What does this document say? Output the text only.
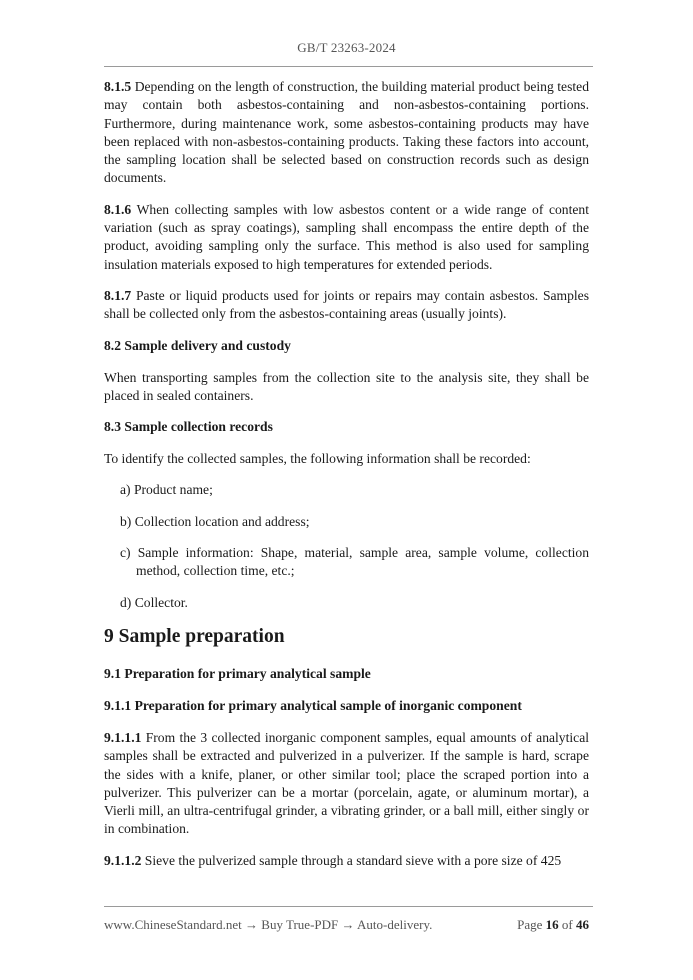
GB/T 23263-2024

8.1.5 Depending on the length of construction, the building material product being tested may contain both asbestos-containing and non-asbestos-containing portions. Furthermore, during maintenance work, some asbestos-containing products may have been replaced with non-asbestos-containing products. Taking these factors into account, the sampling location shall be selected based on construction records such as design documents.

8.1.6 When collecting samples with low asbestos content or a wide range of content variation (such as spray coatings), sampling shall encompass the entire depth of the product, avoiding sampling only the surface. This method is also used for sampling insulation materials exposed to high temperatures for extended periods.

8.1.7 Paste or liquid products used for joints or repairs may contain asbestos. Samples shall be collected only from the asbestos-containing areas (usually joints).

8.2 Sample delivery and custody

When transporting samples from the collection site to the analysis site, they shall be placed in sealed containers.

8.3 Sample collection records

To identify the collected samples, the following information shall be recorded:

a) Product name;

b) Collection location and address;

c) Sample information: Shape, material, sample area, sample volume, collection method, collection time, etc.;

d) Collector.

9 Sample preparation
9.1 Preparation for primary analytical sample
9.1.1 Preparation for primary analytical sample of inorganic component

9.1.1.1 From the 3 collected inorganic component samples, equal amounts of analytical samples shall be extracted and pulverized in a pulverizer. If the sample is hard, scrape the sides with a knife, planer, or other similar tool; place the scraped portion into a pulverizer. This pulverizer can be a mortar (porcelain, agate, or aluminum mortar), a Vierli mill, an ultra-centrifugal grinder, a vibrating grinder, or a ball mill, either singly or in combination.

9.1.1.2 Sieve the pulverized sample through a standard sieve with a pore size of 425

www.ChineseStandard.net → Buy True-PDF → Auto-delivery.	Page 16 of 46
